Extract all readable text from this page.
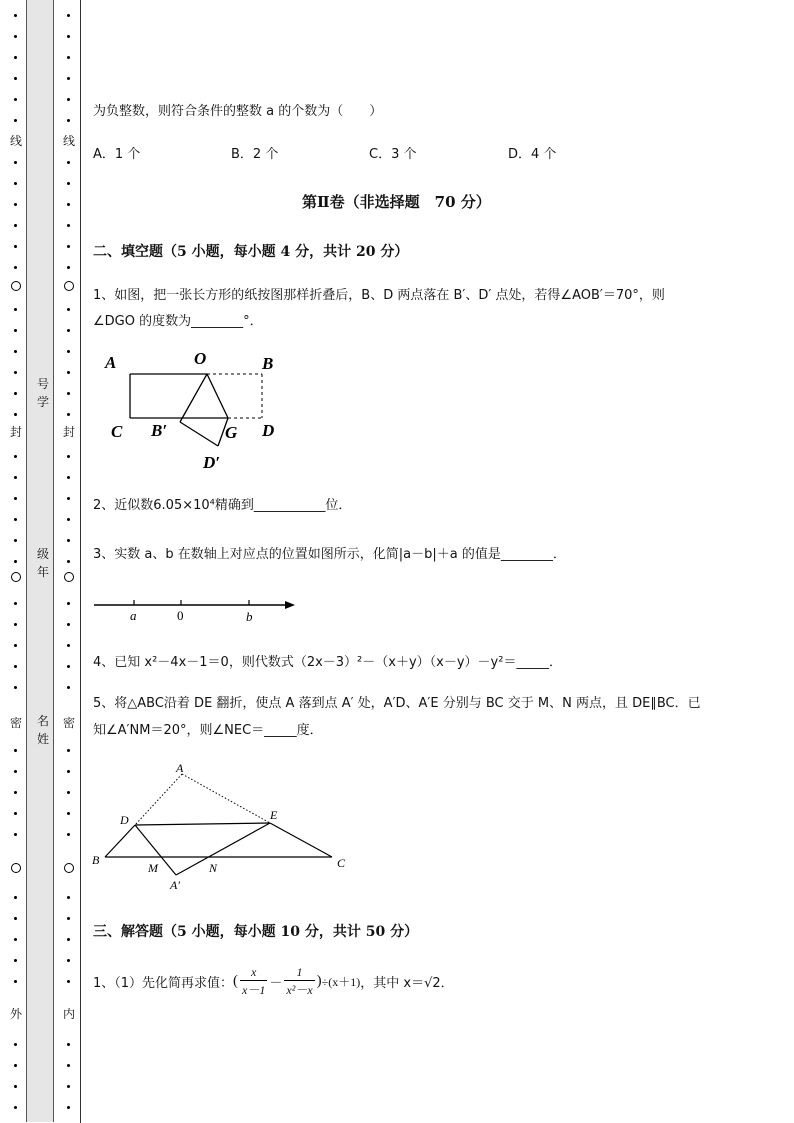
线
封
密
外
线
封
密
内
号学
级年
名姓
为负整数，则符合条件的整数 a 的个数为（　　）
A．1 个	B．2 个	C．3 个	D．4 个
第Ⅱ卷（非选择题　70 分）
二、填空题（5 小题，每小题 4 分，共计 20 分）
1、如图，把一张长方形的纸按图那样折叠后，B、D 两点落在 B′、D′ 点处，若得∠AOB′＝70°，则
∠DGO 的度数为________°．
A	O	B
C B′	G D
D′
2、近似数6.05×10⁴精确到___________位．
3、实数 a、b 在数轴上对应点的位置如图所示，化简|a－b|＋a 的值是________．
a	0	b
4、已知 x²－4x－1＝0，则代数式（2x－3）²－（x＋y）（x－y）－y²＝_____．
5、将△ABC沿着 DE 翻折，使点 A 落到点 A′ 处，A′D、A′E 分别与 BC 交于 M、N 两点，且 DE∥BC．已
知∠A′NM＝20°，则∠NEC＝_____度．
A
D	E
B
M	N	C
A′
三、解答题（5 小题，每小题 10 分，共计 50 分）
1、（1）先化简再求值： ( $\frac{x}{x-1} - \frac{1}{\text{x²－x}}$ ) ÷(x＋1) ，其中 x＝√2．
